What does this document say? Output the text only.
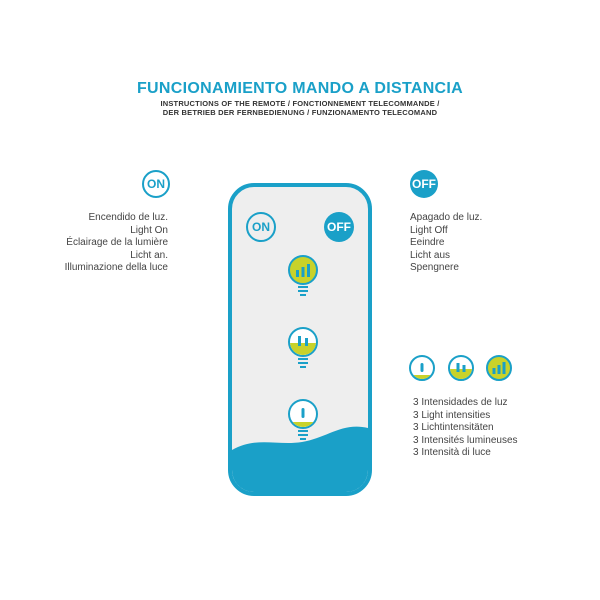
FUNCIONAMIENTO MANDO A DISTANCIA
INSTRUCTIONS OF THE REMOTE / FONCTIONNEMENT TELECOMMANDE /
DER BETRIEB DER FERNBEDIENUNG / FUNZIONAMENTO TELECOMAND
ON
Encendido de luz.
Light On
Éclairage de la lumière
Licht an.
Illuminazione della luce
OFF
Apagado de luz.
Light Off
Eeindre
Licht aus
Spengnere
ON	OFF
3 Intensidades de luz
3 Light intensities
3 Lichtintensitäten
3 Intensités lumineuses
3 Intensità di luce
